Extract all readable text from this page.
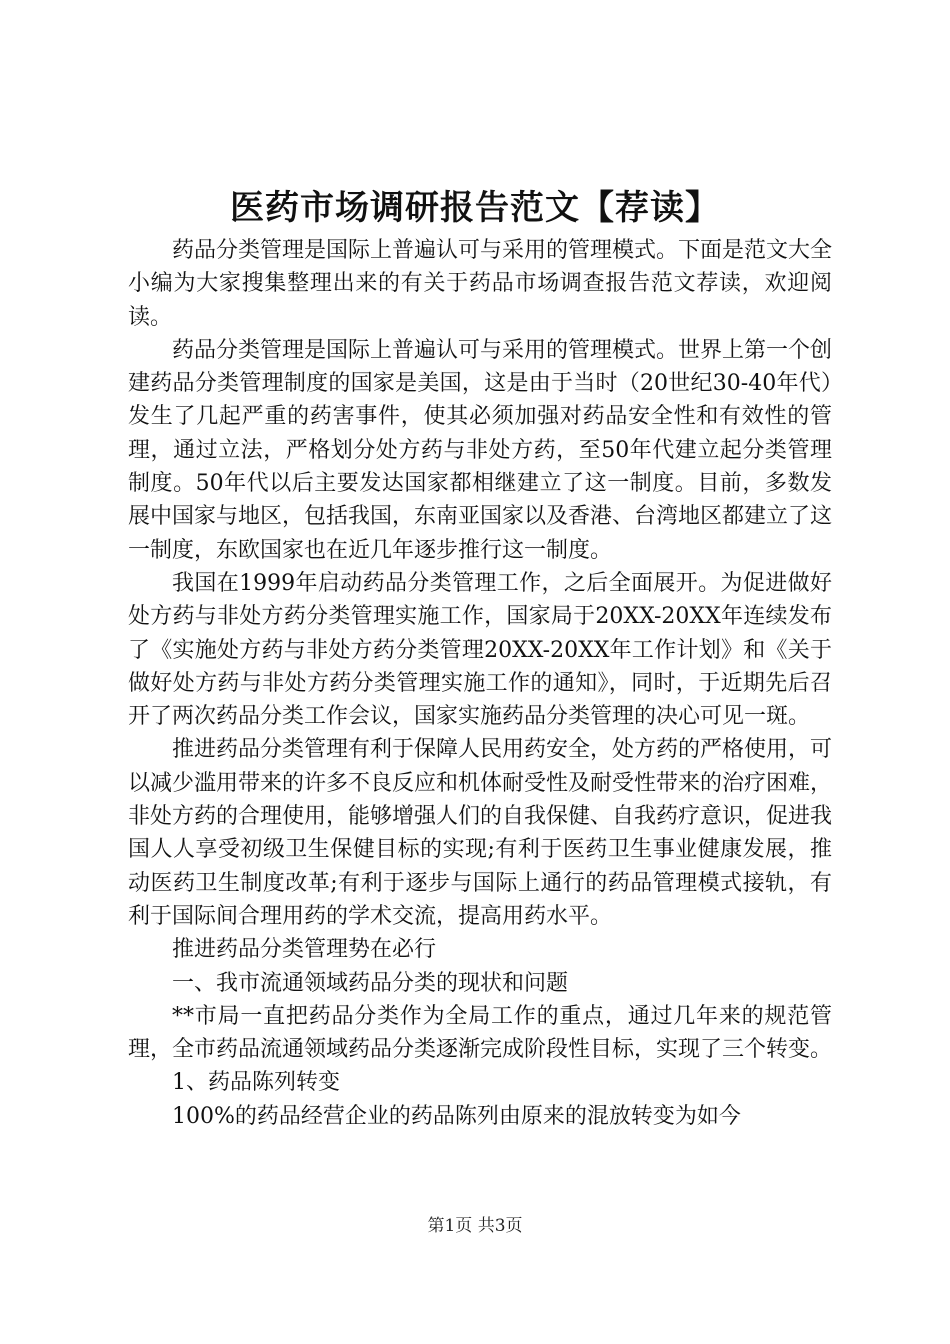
医药市场调研报告范文【荐读】

药品分类管理是国际上普遍认可与采用的管理模式。下面是范文大全小编为大家搜集整理出来的有关于药品市场调查报告范文荐读，欢迎阅读。

药品分类管理是国际上普遍认可与采用的管理模式。世界上第一个创建药品分类管理制度的国家是美国，这是由于当时（20世纪30-40年代）发生了几起严重的药害事件，使其必须加强对药品安全性和有效性的管理，通过立法，严格划分处方药与非处方药，至50年代建立起分类管理制度。50年代以后主要发达国家都相继建立了这一制度。目前，多数发展中国家与地区，包括我国，东南亚国家以及香港、台湾地区都建立了这一制度，东欧国家也在近几年逐步推行这一制度。

我国在1999年启动药品分类管理工作，之后全面展开。为促进做好处方药与非处方药分类管理实施工作，国家局于20XX-20XX年连续发布了《实施处方药与非处方药分类管理20XX-20XX年工作计划》和《关于做好处方药与非处方药分类管理实施工作的通知》，同时，于近期先后召开了两次药品分类工作会议，国家实施药品分类管理的决心可见一斑。

推进药品分类管理有利于保障人民用药安全，处方药的严格使用，可以减少滥用带来的许多不良反应和机体耐受性及耐受性带来的治疗困难，非处方药的合理使用，能够增强人们的自我保健、自我药疗意识，促进我国人人享受初级卫生保健目标的实现;有利于医药卫生事业健康发展，推动医药卫生制度改革;有利于逐步与国际上通行的药品管理模式接轨，有利于国际间合理用药的学术交流，提高用药水平。

推进药品分类管理势在必行

一、我市流通领域药品分类的现状和问题

**市局一直把药品分类作为全局工作的重点，通过几年来的规范管理，全市药品流通领域药品分类逐渐完成阶段性目标，实现了三个转变。

1、药品陈列转变

100%的药品经营企业的药品陈列由原来的混放转变为如今

第1页 共3页
